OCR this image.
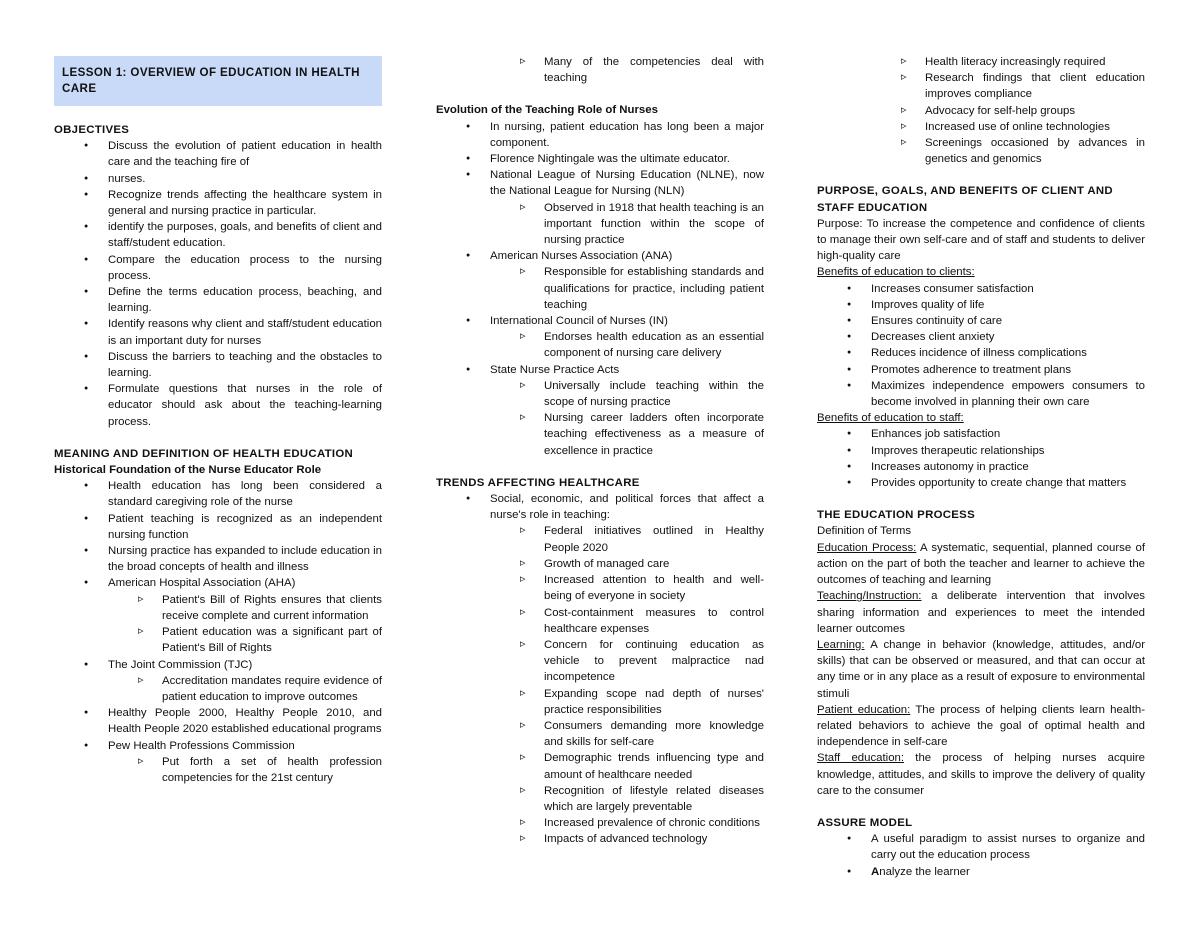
LESSON 1: OVERVIEW OF EDUCATION IN HEALTH CARE
OBJECTIVES
● Discuss the evolution of patient education in health care and the teaching fire of
● nurses.
● Recognize trends affecting the healthcare system in general and nursing practice in particular.
● identify the purposes, goals, and benefits of client and staff/student education.
● Compare the education process to the nursing process.
● Define the terms education process, beaching, and learning.
● Identify reasons why client and staff/student education is an important duty for nurses
● Discuss the barriers to teaching and the obstacles to learning.
● Formulate questions that nurses in the role of educator should ask about the teaching-learning process.
MEANING AND DEFINITION OF HEALTH EDUCATION
Historical Foundation of the Nurse Educator Role
● Health education has long been considered a standard caregiving role of the nurse
● Patient teaching is recognized as an independent nursing function
● Nursing practice has expanded to include education in the broad concepts of health and illness
● American Hospital Association (AHA)
▹ Patient's Bill of Rights ensures that clients receive complete and current information
▹ Patient education was a significant part of Patient's Bill of Rights
● The Joint Commission (TJC)
▹ Accreditation mandates require evidence of patient education to improve outcomes
● Healthy People 2000, Healthy People 2010, and Health People 2020 established educational programs
● Pew Health Professions Commission
▹ Put forth a set of health profession competencies for the 21st century
▹ Many of the competencies deal with teaching
Evolution of the Teaching Role of Nurses
● In nursing, patient education has long been a major component.
● Florence Nightingale was the ultimate educator.
● National League of Nursing Education (NLNE), now the National League for Nursing (NLN)
▹ Observed in 1918 that health teaching is an important function within the scope of nursing practice
● American Nurses Association (ANA)
▹ Responsible for establishing standards and qualifications for practice, including patient teaching
● International Council of Nurses (IN)
▹ Endorses health education as an essential component of nursing care delivery
● State Nurse Practice Acts
▹ Universally include teaching within the scope of nursing practice
▹ Nursing career ladders often incorporate teaching effectiveness as a measure of excellence in practice
TRENDS AFFECTING HEALTHCARE
● Social, economic, and political forces that affect a nurse's role in teaching:
▹ Federal initiatives outlined in Healthy People 2020
▹ Growth of managed care
▹ Increased attention to health and well-being of everyone in society
▹ Cost-containment measures to control healthcare expenses
▹ Concern for continuing education as vehicle to prevent malpractice nad incompetence
▹ Expanding scope nad depth of nurses' practice responsibilities
▹ Consumers demanding more knowledge and skills for self-care
▹ Demographic trends influencing type and amount of healthcare needed
▹ Recognition of lifestyle related diseases which are largely preventable
▹ Increased prevalence of chronic conditions
▹ Impacts of advanced technology
▹ Health literacy increasingly required
▹ Research findings that client education improves compliance
▹ Advocacy for self-help groups
▹ Increased use of online technologies
▹ Screenings occasioned by advances in genetics and genomics
PURPOSE, GOALS, AND BENEFITS OF CLIENT AND STAFF EDUCATION

Purpose: To increase the competence and confidence of clients to manage their own self-care and of staff and students to deliver high-quality care

Benefits of education to clients:
● Increases consumer satisfaction
● Improves quality of life
● Ensures continuity of care
● Decreases client anxiety
● Reduces incidence of illness complications
● Promotes adherence to treatment plans
● Maximizes independence empowers consumers to become involved in planning their own care
Benefits of education to staff:
● Enhances job satisfaction
● Improves therapeutic relationships
● Increases autonomy in practice
● Provides opportunity to create change that matters
THE EDUCATION PROCESS
Definition of Terms

Education Process: A systematic, sequential, planned course of action on the part of both the teacher and learner to achieve the outcomes of teaching and learning

Teaching/Instruction: a deliberate intervention that involves sharing information and experiences to meet the intended learner outcomes

Learning: A change in behavior (knowledge, attitudes, and/or skills) that can be observed or measured, and that can occur at any time or in any place as a result of exposure to environmental stimuli

Patient education: The process of helping clients learn health-related behaviors to achieve the goal of optimal health and independence in self-care

Staff education: the process of helping nurses acquire knowledge, attitudes, and skills to improve the delivery of quality care to the consumer

ASSURE MODEL
● A useful paradigm to assist nurses to organize and carry out the education process
● Analyze the learner
